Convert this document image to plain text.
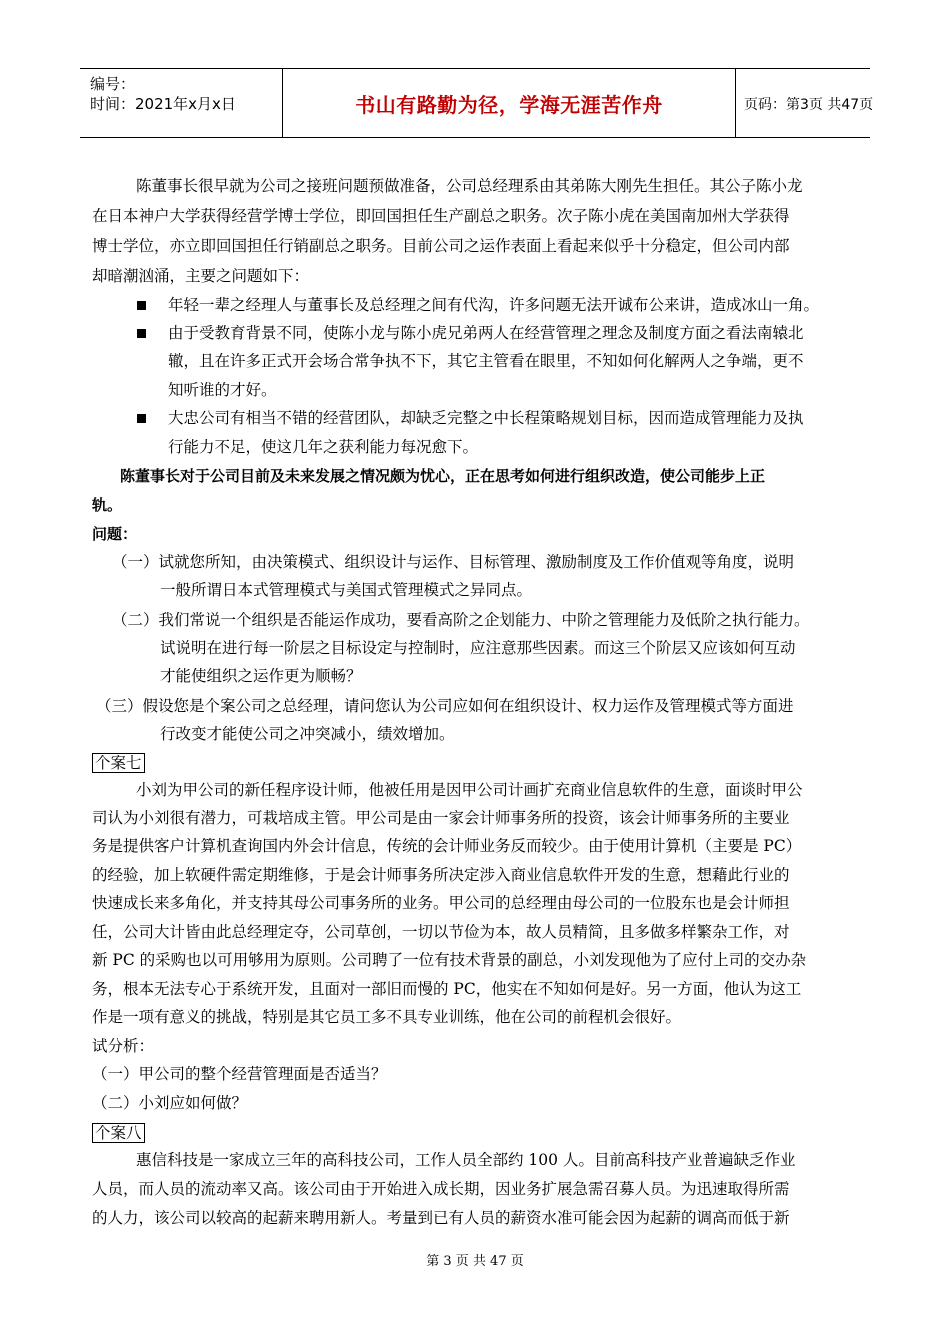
编号：
时间：2021年x月x日	书山有路勤为径，学海无涯苦作舟	页码：第3页 共47页
陈董事长很早就为公司之接班问题预做准备，公司总经理系由其弟陈大刚先生担任。其公子陈小龙
在日本神户大学获得经营学博士学位，即回国担任生产副总之职务。次子陈小虎在美国南加州大学获得
博士学位，亦立即回国担任行销副总之职务。目前公司之运作表面上看起来似乎十分稳定，但公司内部
却暗潮汹涌，主要之问题如下：
年轻一辈之经理人与董事长及总经理之间有代沟，许多问题无法开诚布公来讲，造成冰山一角。
由于受教育背景不同，使陈小龙与陈小虎兄弟两人在经营管理之理念及制度方面之看法南辕北
辙，且在许多正式开会场合常争执不下，其它主管看在眼里，不知如何化解两人之争端，更不
知听谁的才好。
大忠公司有相当不错的经营团队，却缺乏完整之中长程策略规划目标，因而造成管理能力及执
行能力不足，使这几年之获利能力每况愈下。
陈董事长对于公司目前及未来发展之情况颇为忧心，正在思考如何进行组织改造，使公司能步上正
轨。
问题：
（一）试就您所知，由决策模式、组织设计与运作、目标管理、激励制度及工作价值观等角度，说明
一般所谓日本式管理模式与美国式管理模式之异同点。
（二）我们常说一个组织是否能运作成功，要看高阶之企划能力、中阶之管理能力及低阶之执行能力。
试说明在进行每一阶层之目标设定与控制时，应注意那些因素。而这三个阶层又应该如何互动
才能使组织之运作更为顺畅？
（三）假设您是个案公司之总经理，请问您认为公司应如何在组织设计、权力运作及管理模式等方面进
行改变才能使公司之冲突减小，绩效增加。
个案七
小刘为甲公司的新任程序设计师，他被任用是因甲公司计画扩充商业信息软件的生意，面谈时甲公
司认为小刘很有潜力，可栽培成主管。甲公司是由一家会计师事务所的投资，该会计师事务所的主要业
务是提供客户计算机查询国内外会计信息，传统的会计师业务反而较少。由于使用计算机（主要是 PC）
的经验，加上软硬件需定期维修，于是会计师事务所决定涉入商业信息软件开发的生意，想藉此行业的
快速成长来多角化，并支持其母公司事务所的业务。甲公司的总经理由母公司的一位股东也是会计师担
任，公司大计皆由此总经理定夺，公司草创，一切以节俭为本，故人员精简，且多做多样繁杂工作，对
新 PC 的采购也以可用够用为原则。公司聘了一位有技术背景的副总，小刘发现他为了应付上司的交办杂
务，根本无法专心于系统开发，且面对一部旧而慢的 PC，他实在不知如何是好。另一方面，他认为这工
作是一项有意义的挑战，特别是其它员工多不具专业训练，他在公司的前程机会很好。
试分析：
（一）甲公司的整个经营管理面是否适当？
（二）小刘应如何做？
个案八
惠信科技是一家成立三年的高科技公司，工作人员全部约 100 人。目前高科技产业普遍缺乏作业
人员，而人员的流动率又高。该公司由于开始进入成长期，因业务扩展急需召募人员。为迅速取得所需
的人力，该公司以较高的起薪来聘用新人。考量到已有人员的薪资水准可能会因为起薪的调高而低于新
第 3 页 共 47 页
